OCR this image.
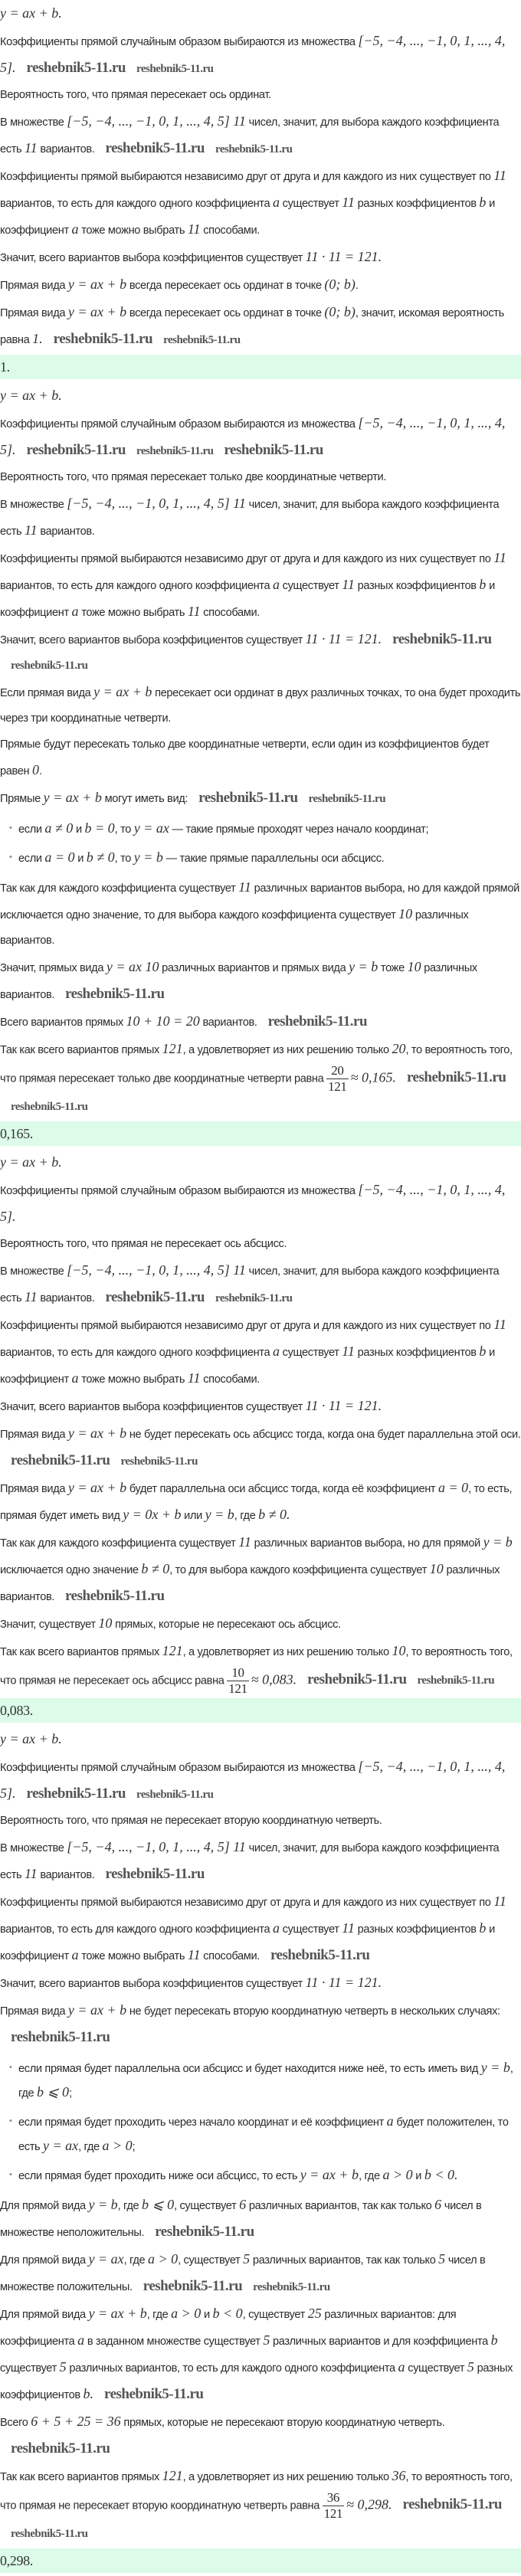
y = ax + b.

Коэффициенты прямой случайным образом выбираются из множества [−5, −4, ..., −1, 0, 1, ..., 4, 5]. reshebnik5-11.ru reshebnik5-11.ru

Вероятность того, что прямая пересекает ось ординат.

В множестве [−5, −4, ..., −1, 0, 1, ..., 4, 5] 11 чисел, значит, для выбора каждого коэффициента есть 11 вариантов. reshebnik5-11.ru reshebnik5-11.ru

Коэффициенты прямой выбираются независимо друг от друга и для каждого из них существует по 11 вариантов, то есть для каждого одного коэффициента a существует 11 разных коэффициентов b и коэффициент a тоже можно выбрать 11 способами.

Значит, всего вариантов выбора коэффициентов существует 11 · 11 = 121.

Прямая вида y = ax + b всегда пересекает ось ординат в точке (0; b).

Прямая вида y = ax + b всегда пересекает ось ординат в точке (0; b), значит, искомая вероятность равна 1. reshebnik5-11.ru reshebnik5-11.ru

1.

y = ax + b.

Коэффициенты прямой случайным образом выбираются из множества [−5, −4, ..., −1, 0, 1, ..., 4, 5]. reshebnik5-11.ru reshebnik5-11.ru reshebnik5-11.ru

Вероятность того, что прямая пересекает только две координатные четверти.

В множестве [−5, −4, ..., −1, 0, 1, ..., 4, 5] 11 чисел, значит, для выбора каждого коэффициента есть 11 вариантов.

Коэффициенты прямой выбираются независимо друг от друга и для каждого из них существует по 11 вариантов, то есть для каждого одного коэффициента a существует 11 разных коэффициентов b и коэффициент a тоже можно выбрать 11 способами.

Значит, всего вариантов выбора коэффициентов существует 11 · 11 = 121. reshebnik5-11.rureshebnik5-11.ru

Если прямая вида y = ax + b пересекает оси ординат в двух различных точках, то она будет проходить через три координатные четверти.

Прямые будут пересекать только две координатные четверти, если один из коэффициентов будет равен 0.

Прямые y = ax + b могут иметь вид: reshebnik5-11.ru reshebnik5-11.ru

• если a ≠ 0 и b = 0, то y = ax — такие прямые проходят через начало координат;
• если a = 0 и b ≠ 0, то y = b — такие прямые параллельны оси абсцисс.

Так как для каждого коэффициента существует 11 различных вариантов выбора, но для каждой прямой исключается одно значение, то для выбора каждого коэффициента существует 10 различных вариантов.

Значит, прямых вида y = ax 10 различных вариантов и прямых вида y = b тоже 10 различных вариантов. reshebnik5-11.ru

Всего вариантов прямых 10 + 10 = 20 вариантов. reshebnik5-11.ru

Так как всего вариантов прямых 121, а удовлетворяет из них решению только 20, то вероятность того, что прямая пересекает только две координатные четверти равна $\frac{20}{121} \approx 0,165$. reshebnik5-11.rureshebnik5-11.ru

0,165.

y = ax + b.

Коэффициенты прямой случайным образом выбираются из множества [−5, −4, ..., −1, 0, 1, ..., 4, 5].

Вероятность того, что прямая не пересекает ось абсцисс.

В множестве [−5, −4, ..., −1, 0, 1, ..., 4, 5] 11 чисел, значит, для выбора каждого коэффициента есть 11 вариантов. reshebnik5-11.ru reshebnik5-11.ru

Коэффициенты прямой выбираются независимо друг от друга и для каждого из них существует по 11 вариантов, то есть для каждого одного коэффициента a существует 11 разных коэффициентов b и коэффициент a тоже можно выбрать 11 способами.

Значит, всего вариантов выбора коэффициентов существует 11 · 11 = 121.

Прямая вида y = ax + b не будет пересекать ось абсцисс тогда, когда она будет параллельна этой оси.reshebnik5-11.ru reshebnik5-11.ru

Прямая вида y = ax + b будет параллельна оси абсцисс тогда, когда её коэффициент a = 0, то есть, прямая будет иметь вид y = 0x + b или y = b, где b ≠ 0.

Так как для каждого коэффициента существует 11 различных вариантов выбора, но для прямой y = b исключается одно значение b ≠ 0, то для выбора каждого коэффициента существует 10 различных вариантов. reshebnik5-11.ru

Значит, существует 10 прямых, которые не пересекают ось абсцисс.

Так как всего вариантов прямых 121, а удовлетворяет из них решению только 10, то вероятность того, что прямая не пересекает ось абсцисс равна $\frac{10}{121} \approx 0,083$. reshebnik5-11.ru reshebnik5-11.ru

0,083.

y = ax + b.

Коэффициенты прямой случайным образом выбираются из множества [−5, −4, ..., −1, 0, 1, ..., 4, 5]. reshebnik5-11.ru reshebnik5-11.ru

Вероятность того, что прямая не пересекает вторую координатную четверть.

В множестве [−5, −4, ..., −1, 0, 1, ..., 4, 5] 11 чисел, значит, для выбора каждого коэффициента есть 11 вариантов. reshebnik5-11.ru

Коэффициенты прямой выбираются независимо друг от друга и для каждого из них существует по 11 вариантов, то есть для каждого одного коэффициента a существует 11 разных коэффициентов b и коэффициент a тоже можно выбрать 11 способами. reshebnik5-11.ru

Значит, всего вариантов выбора коэффициентов существует 11 · 11 = 121.

Прямая вида y = ax + b не будет пересекать вторую координатную четверть в нескольких случаях:reshebnik5-11.ru

• если прямая будет параллельна оси абсцисс и будет находится ниже неё, то есть иметь вид y = b, где b ⩽ 0;
• если прямая будет проходить через начало координат и её коэффициент a будет положителен, то есть y = ax, где a > 0;
• если прямая будет проходить ниже оси абсцисс, то есть y = ax + b, где a > 0 и b < 0.

Для прямой вида y = b, где b ⩽ 0, существует 6 различных вариантов, так как только 6 чисел в множестве неположительны. reshebnik5-11.ru

Для прямой вида y = ax, где a > 0, существует 5 различных вариантов, так как только 5 чисел в множестве положительны. reshebnik5-11.ru reshebnik5-11.ru

Для прямой вида y = ax + b, где a > 0 и b < 0, существует 25 различных вариантов: для коэффициента a в заданном множестве существует 5 различных вариантов и для коэффициента b существует 5 различных вариантов, то есть для каждого одного коэффициента a существует 5 разных коэффициентов b. reshebnik5-11.ru

Всего 6 + 5 + 25 = 36 прямых, которые не пересекают вторую координатную четверть.reshebnik5-11.ru

Так как всего вариантов прямых 121, а удовлетворяет из них решению только 36, то вероятность того, что прямая не пересекает вторую координатную четверть равна $\frac{36}{121} \approx 0,298$. reshebnik5-11.rureshebnik5-11.ru

0,298.
